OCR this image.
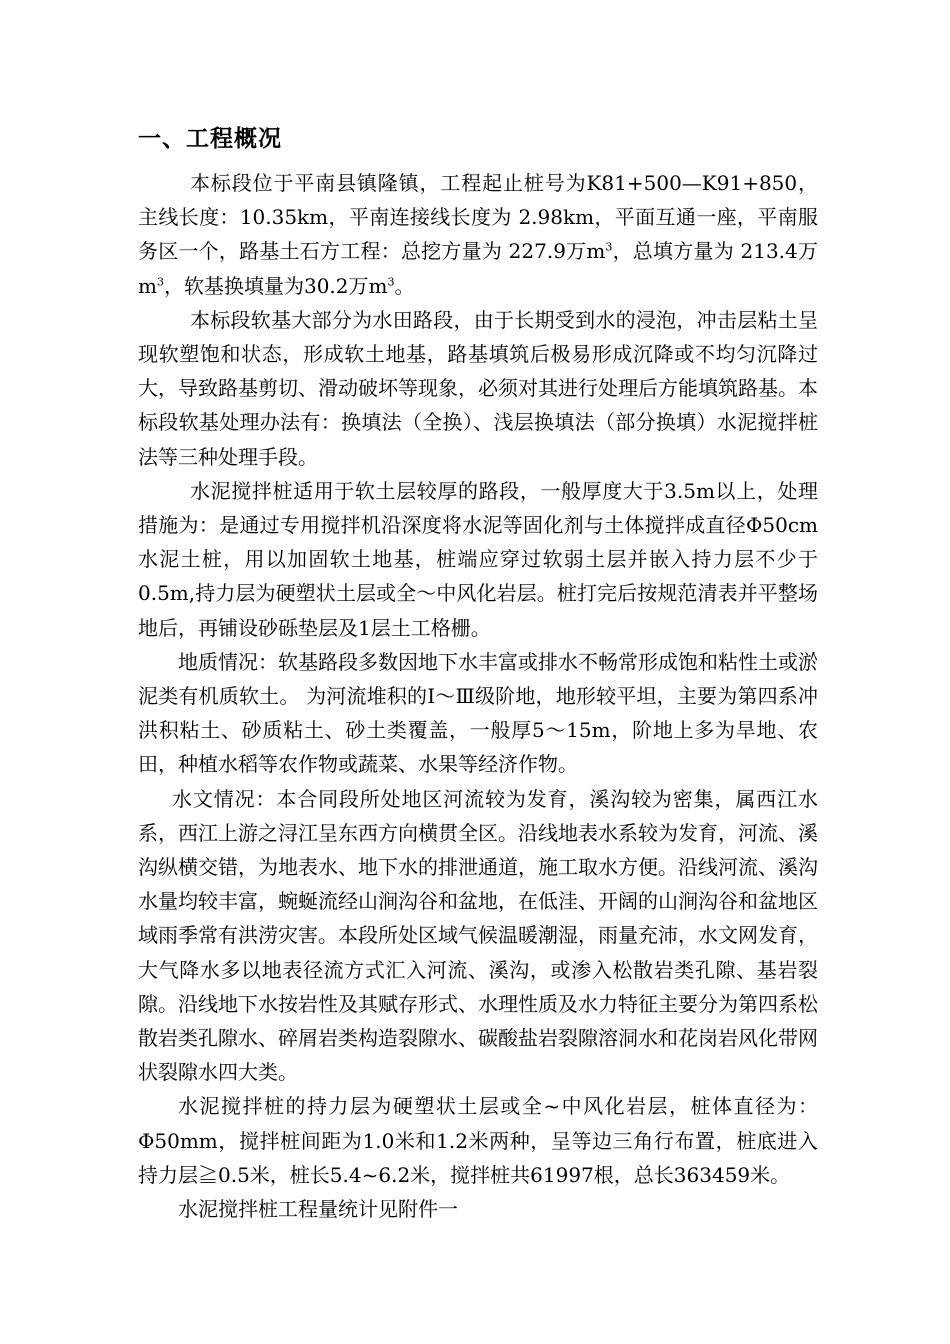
一、工程概况

本标段位于平南县镇隆镇，工程起止桩号为K81+500—K91+850，主线长度：10.35km，平南连接线长度为 2.98km，平面互通一座，平南服务区一个，路基土石方工程：总挖方量为 227.9万$m^3$，总填方量为 213.4万$m^3$，软基换填量为30.2万$m^3$。

本标段软基大部分为水田路段，由于长期受到水的浸泡，冲击层粘土呈现软塑饱和状态，形成软土地基，路基填筑后极易形成沉降或不均匀沉降过大，导致路基剪切、滑动破坏等现象，必须对其进行处理后方能填筑路基。本标段软基处理办法有：换填法（全换）、浅层换填法（部分换填）水泥搅拌桩法等三种处理手段。

水泥搅拌桩适用于软土层较厚的路段，一般厚度大于3.5m以上，处理措施为：是通过专用搅拌机沿深度将水泥等固化剂与土体搅拌成直径Φ50cm水泥土桩，用以加固软土地基，桩端应穿过软弱土层并嵌入持力层不少于0.5m,持力层为硬塑状土层或全～中风化岩层。桩打完后按规范清表并平整场地后，再铺设砂砾垫层及1层土工格栅。

地质情况：软基路段多数因地下水丰富或排水不畅常形成饱和粘性土或淤泥类有机质软土。 为河流堆积的Ⅰ～Ⅲ级阶地，地形较平坦，主要为第四系冲洪积粘土、砂质粘土、砂土类覆盖，一般厚5～15m，阶地上多为旱地、农田，种植水稻等农作物或蔬菜、水果等经济作物。

水文情况：本合同段所处地区河流较为发育，溪沟较为密集，属西江水系，西江上游之浔江呈东西方向横贯全区。沿线地表水系较为发育，河流、溪沟纵横交错，为地表水、地下水的排泄通道，施工取水方便。沿线河流、溪沟水量均较丰富，蜿蜒流经山涧沟谷和盆地，在低洼、开阔的山涧沟谷和盆地区域雨季常有洪涝灾害。本段所处区域气候温暖潮湿，雨量充沛，水文网发育，大气降水多以地表径流方式汇入河流、溪沟，或渗入松散岩类孔隙、基岩裂隙。沿线地下水按岩性及其赋存形式、水理性质及水力特征主要分为第四系松散岩类孔隙水、碎屑岩类构造裂隙水、碳酸盐岩裂隙溶洞水和花岗岩风化带网状裂隙水四大类。

水泥搅拌桩的持力层为硬塑状土层或全~中风化岩层，桩体直径为：Φ50mm，搅拌桩间距为1.0米和1.2米两种，呈等边三角行布置，桩底进入持力层≧0.5米，桩长5.4~6.2米，搅拌桩共61997根，总长363459米。

水泥搅拌桩工程量统计见附件一
